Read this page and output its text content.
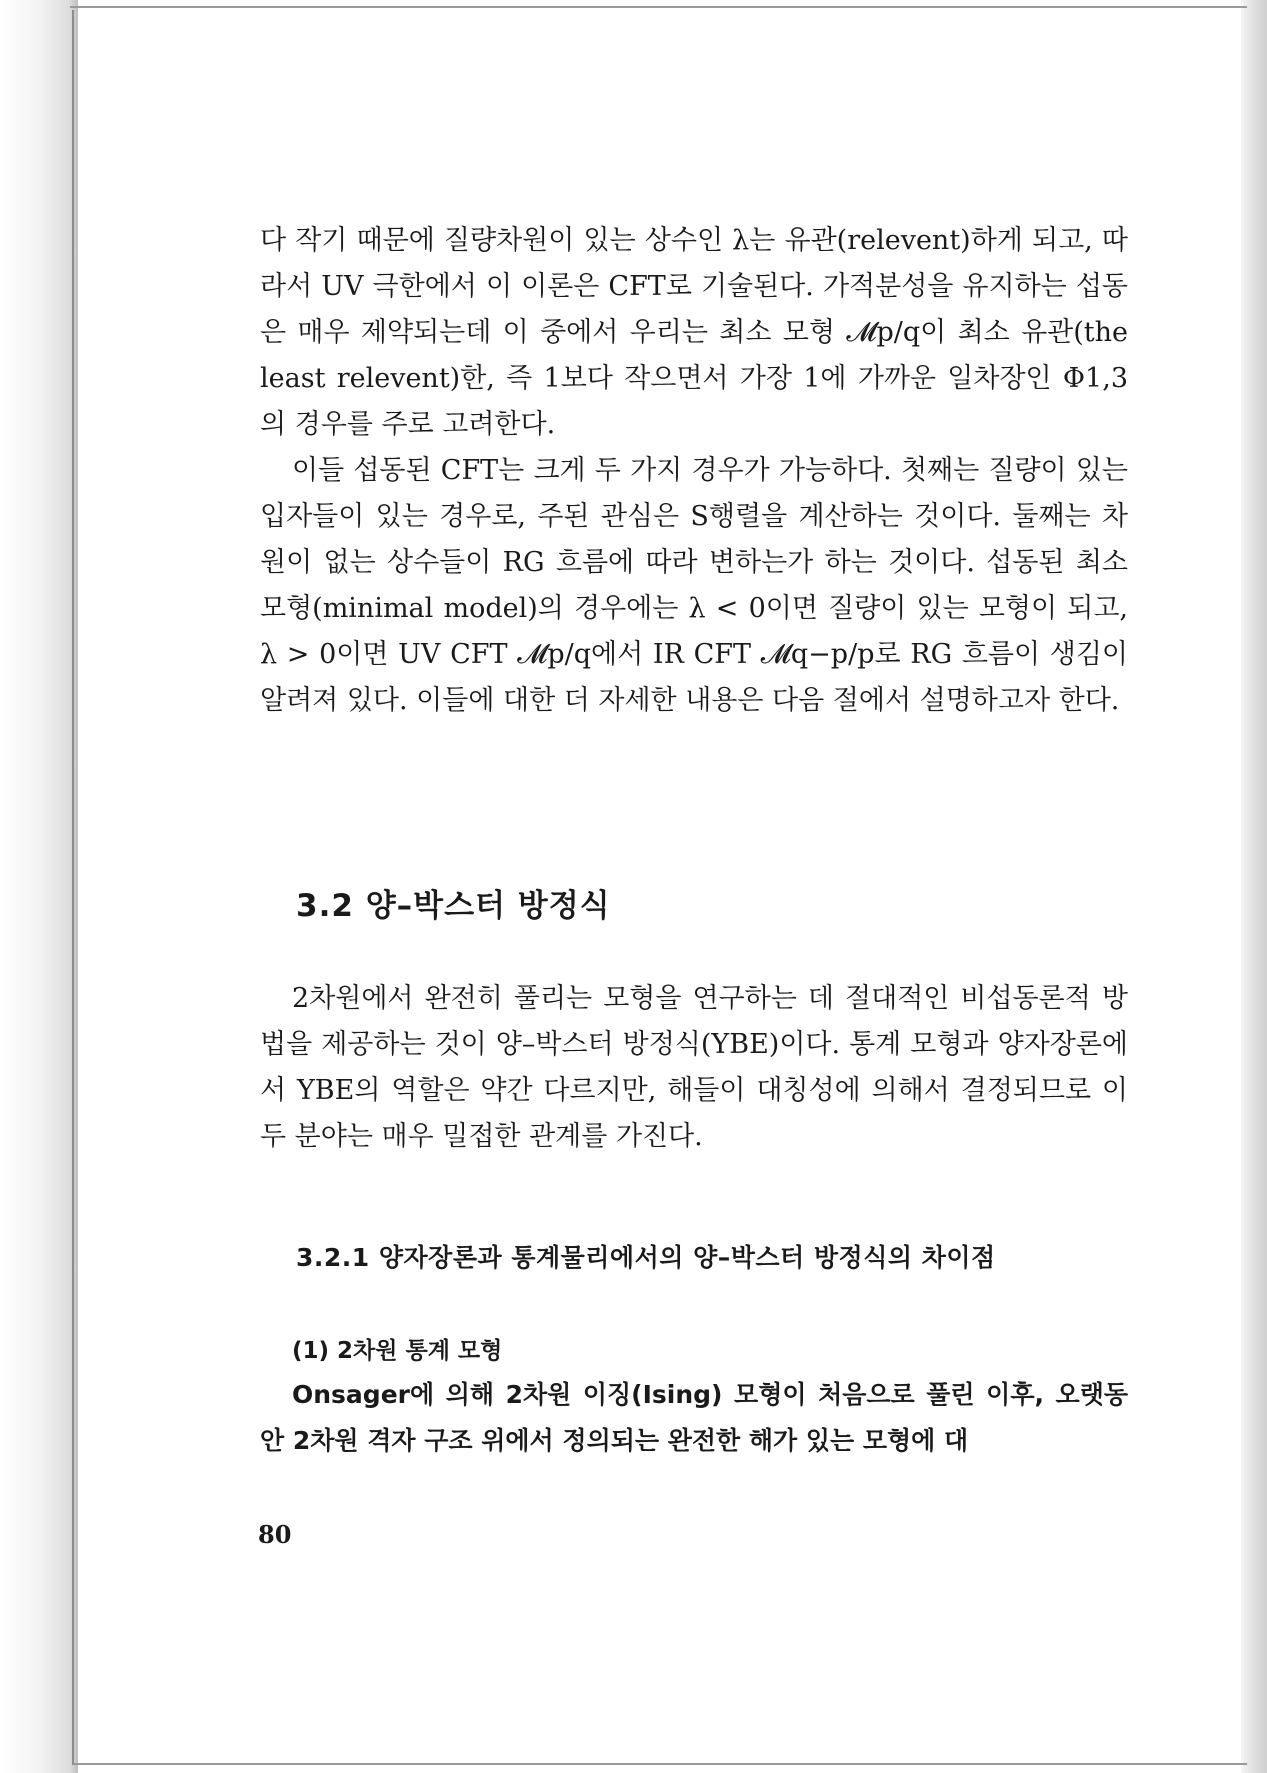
다 작기 때문에 질량차원이 있는 상수인 λ는 유관(relevent)하게 되고, 따라서 UV 극한에서 이 이론은 CFT로 기술된다. 가적분성을 유지하는 섭동은 매우 제약되는데 이 중에서 우리는 최소 모형 𝓜p/q이 최소 유관(the least relevent)한, 즉 1보다 작으면서 가장 1에 가까운 일차장인 Φ1,3의 경우를 주로 고려한다.

이들 섭동된 CFT는 크게 두 가지 경우가 가능하다. 첫째는 질량이 있는 입자들이 있는 경우로, 주된 관심은 S행렬을 계산하는 것이다. 둘째는 차원이 없는 상수들이 RG 흐름에 따라 변하는가 하는 것이다. 섭동된 최소 모형(minimal model)의 경우에는 λ < 0이면 질량이 있는 모형이 되고, λ > 0이면 UV CFT 𝓜p/q에서 IR CFT 𝓜q−p/p로 RG 흐름이 생김이 알려져 있다. 이들에 대한 더 자세한 내용은 다음 절에서 설명하고자 한다.

3.2 양–박스터 방정식

2차원에서 완전히 풀리는 모형을 연구하는 데 절대적인 비섭동론적 방법을 제공하는 것이 양–박스터 방정식(YBE)이다. 통계 모형과 양자장론에서 YBE의 역할은 약간 다르지만, 해들이 대칭성에 의해서 결정되므로 이 두 분야는 매우 밀접한 관계를 가진다.

3.2.1 양자장론과 통계물리에서의 양–박스터 방정식의 차이점
(1) 2차원 통계 모형

Onsager에 의해 2차원 이징(Ising) 모형이 처음으로 풀린 이후, 오랫동안 2차원 격자 구조 위에서 정의되는 완전한 해가 있는 모형에 대

80
